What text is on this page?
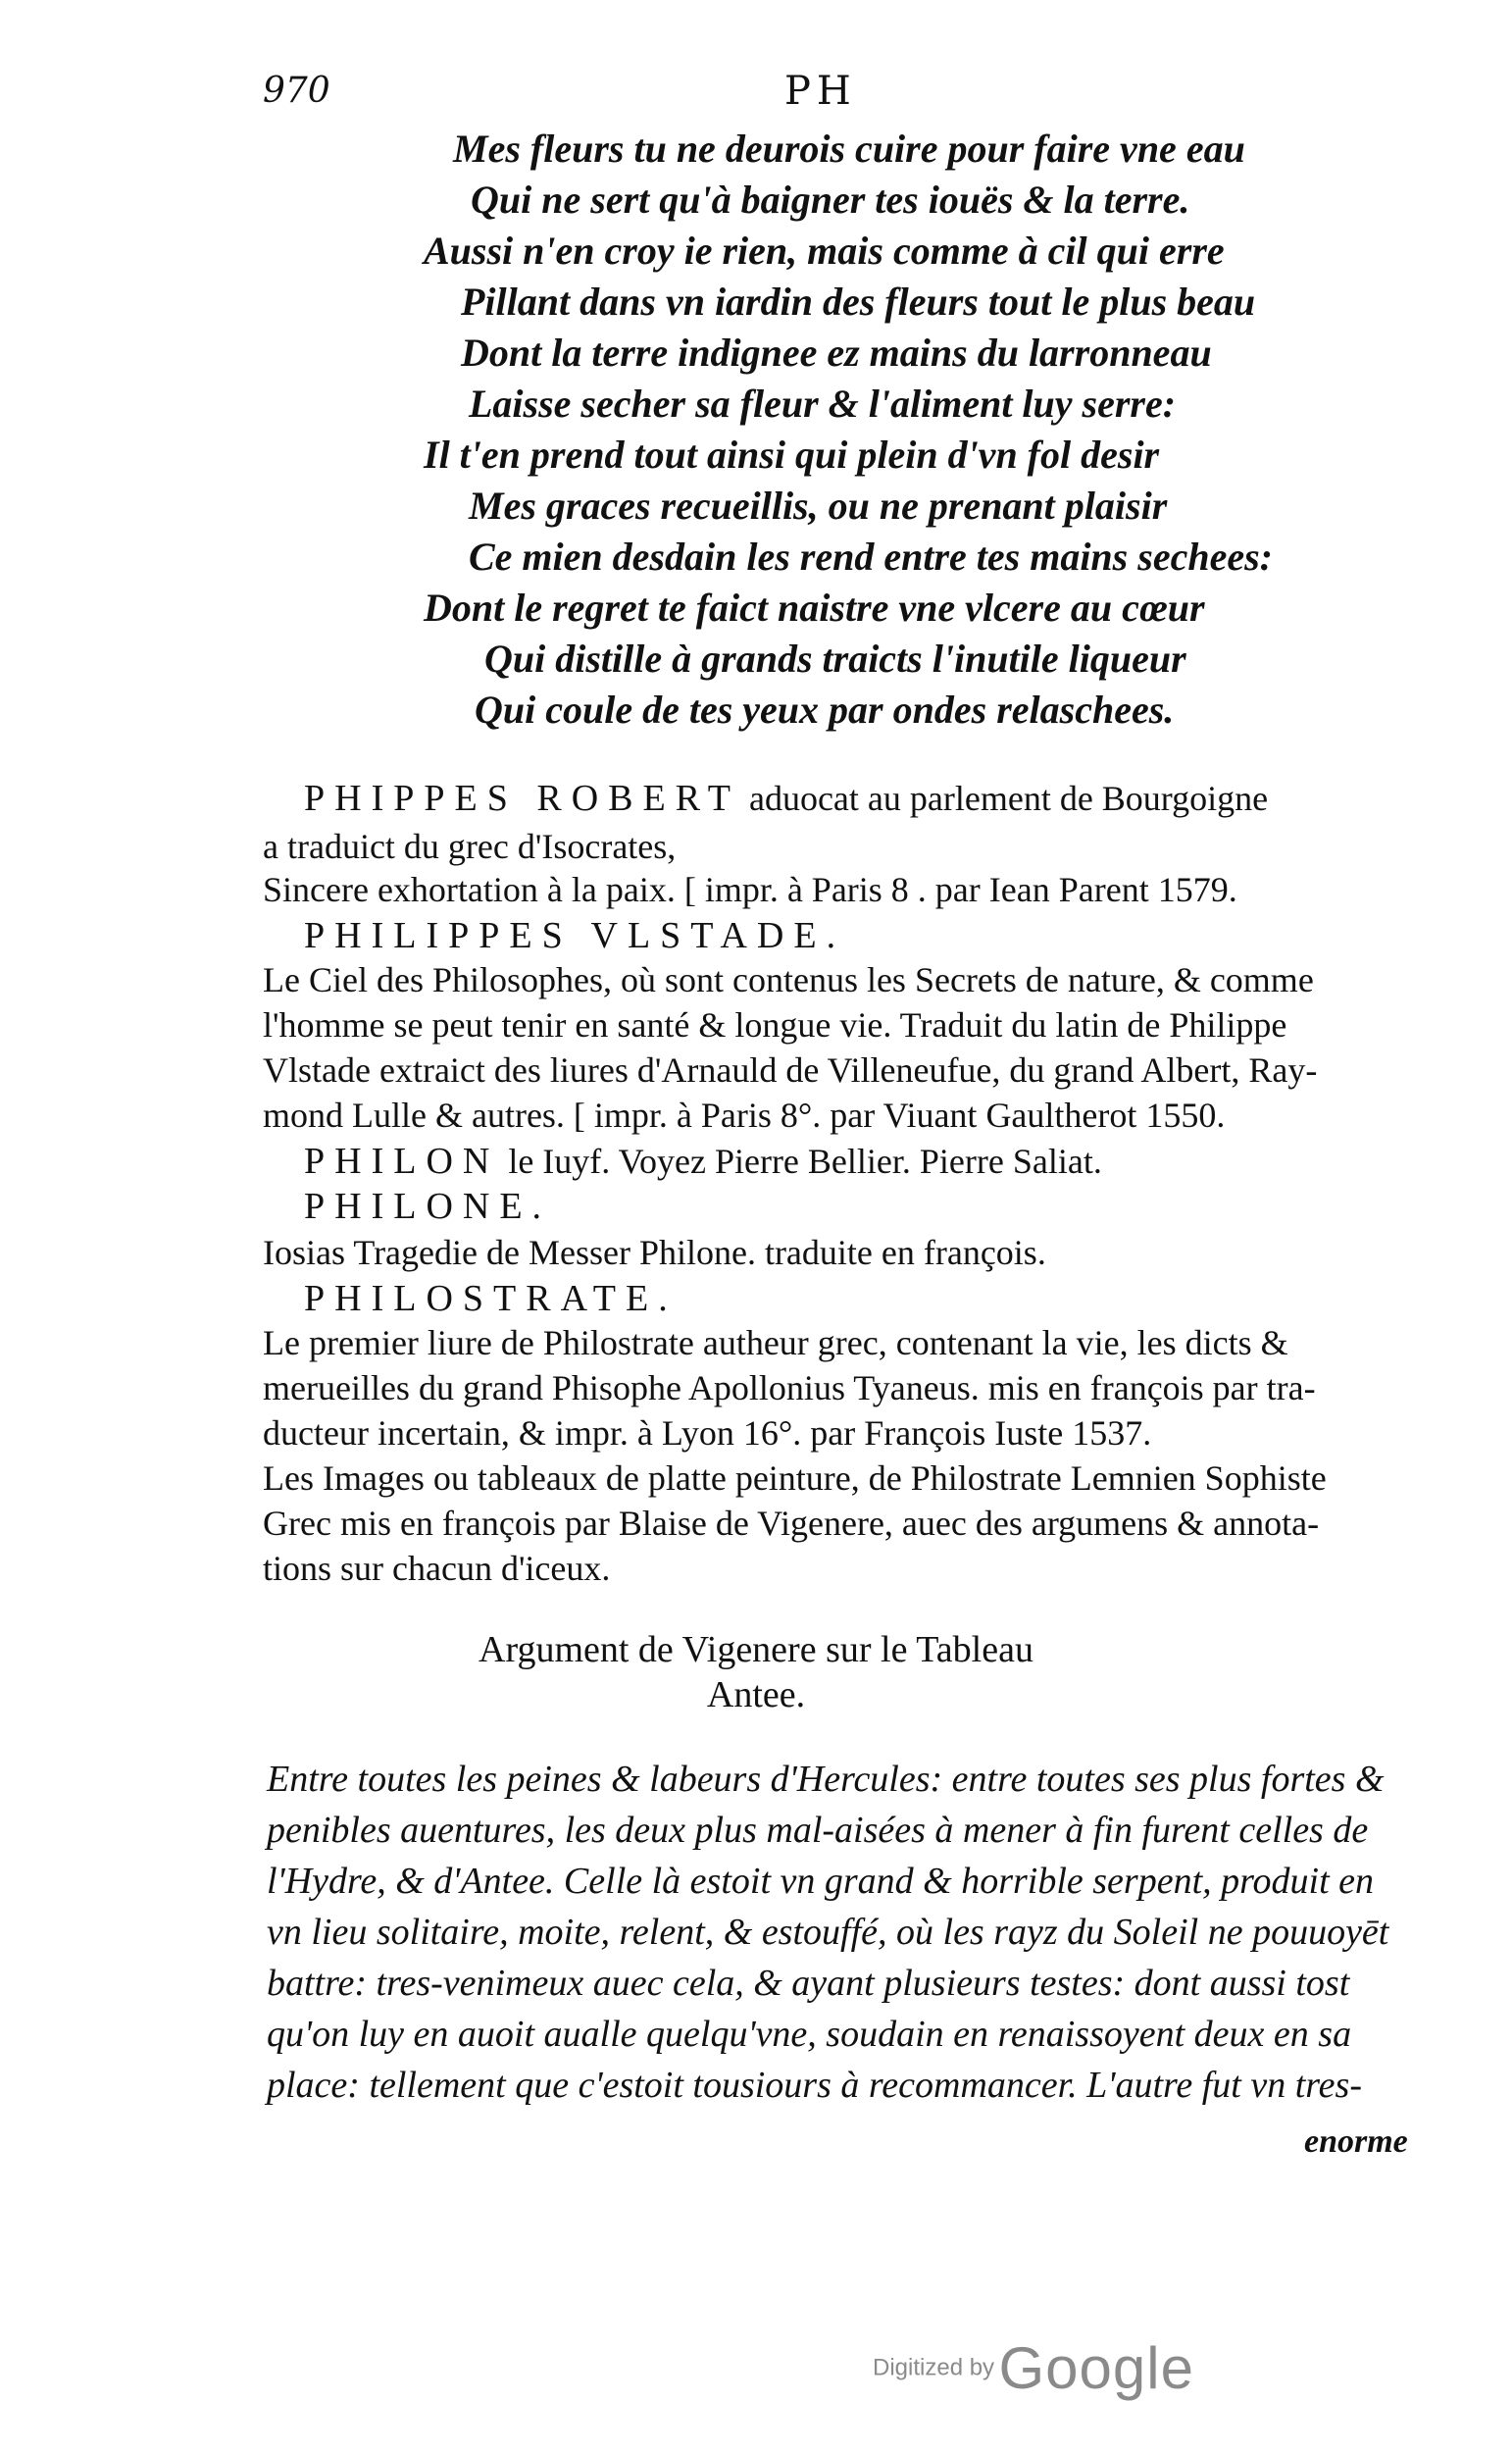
970	PH
Mes fleurs tu ne deurois cuire pour faire vne eau
Qui ne sert qu'à baigner tes iouës & la terre.
Aussi n'en croy ie rien, mais comme à cil qui erre
Pillant dans vn iardin des fleurs tout le plus beau
Dont la terre indignee ez mains du larronneau
Laisse secher sa fleur & l'aliment luy serre:
Il t'en prend tout ainsi qui plein d'vn fol desir
Mes graces recueillis, ou ne prenant plaisir
Ce mien desdain les rend entre tes mains sechees:
Dont le regret te faict naistre vne vlcere au cœur
Qui distille à grands traicts l'inutile liqueur
Qui coule de tes yeux par ondes relaschees.
PHIPPES ROBERT aduocat au parlement de Bourgoigne
a traduict du grec d'Isocrates,
Sincere exhortation à la paix. [ impr. à Paris 8 . par Iean Parent 1579.
PHILIPPES VLSTADE.
Le Ciel des Philosophes, où sont contenus les Secrets de nature, & comme
l'homme se peut tenir en santé & longue vie. Traduit du latin de Philippe
Vlstade extraict des liures d'Arnauld de Villeneufue, du grand Albert, Ray-
mond Lulle & autres. [ impr. à Paris 8°. par Viuant Gaultherot 1550.
PHILON le Iuyf. Voyez Pierre Bellier. Pierre Saliat.
PHILONE.
Iosias Tragedie de Messer Philone. traduite en françois.
PHILOSTRATE.
Le premier liure de Philostrate autheur grec, contenant la vie, les dicts &
merueilles du grand Phisophe Apollonius Tyaneus. mis en françois par tra-
ducteur incertain, & impr. à Lyon 16°. par François Iuste 1537.
Les Images ou tableaux de platte peinture, de Philostrate Lemnien Sophiste
Grec mis en françois par Blaise de Vigenere, auec des argumens & annota-
tions sur chacun d'iceux.
Argument de Vigenere sur le Tableau
Antee.
Entre toutes les peines & labeurs d'Hercules: entre toutes ses plus fortes &
penibles auentures, les deux plus mal-aisées à mener à fin furent celles de
l'Hydre, & d'Antee. Celle là estoit vn grand & horrible serpent, produit en
vn lieu solitaire, moite, relent, & estouffé, où les rayz du Soleil ne pouuoyēt
battre: tres-venimeux auec cela, & ayant plusieurs testes: dont aussi tost
qu'on luy en auoit aualle quelqu'vne, soudain en renaissoyent deux en sa
place: tellement que c'estoit tousiours à recommancer. L'autre fut vn tres-
enorme
Digitized by Google
